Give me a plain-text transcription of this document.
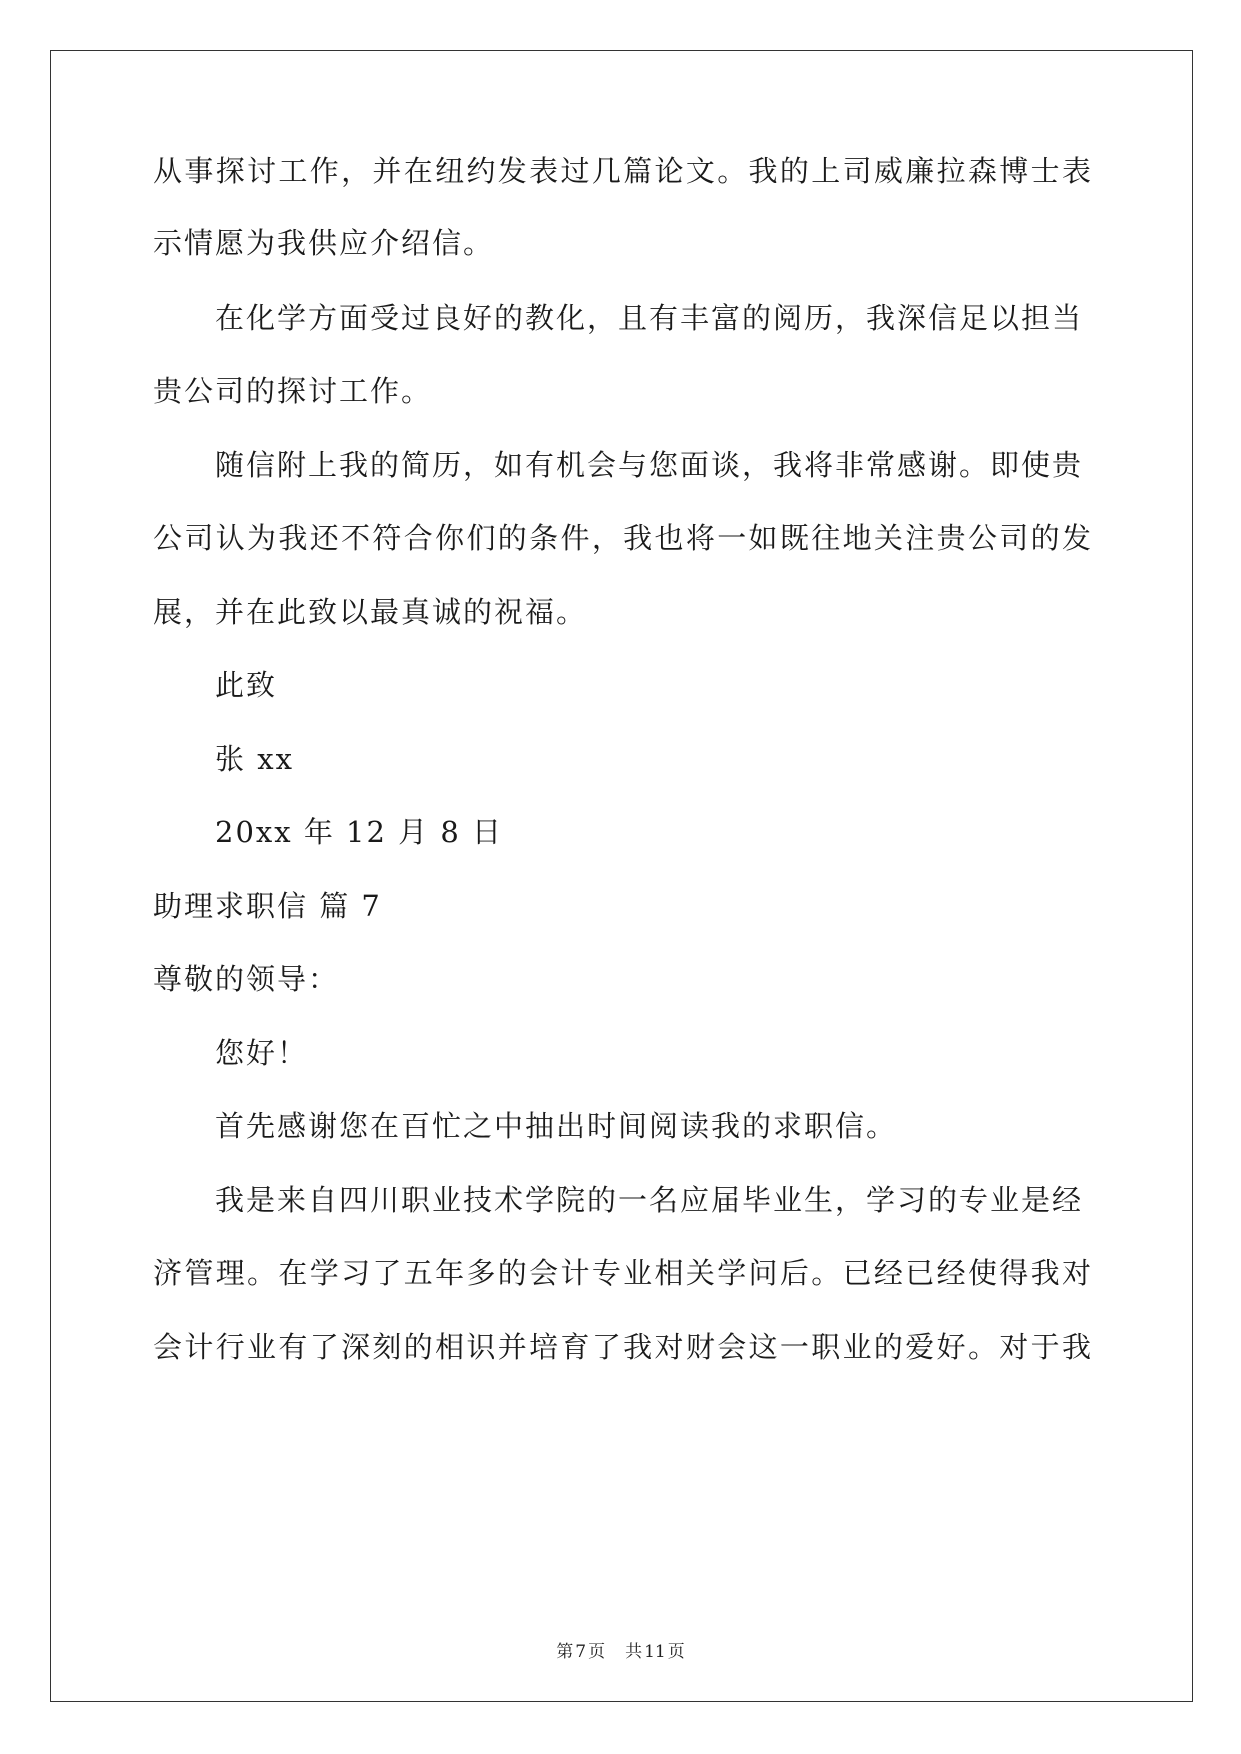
从事探讨工作，并在纽约发表过几篇论文。我的上司威廉拉森博士表
示情愿为我供应介绍信。
在化学方面受过良好的教化，且有丰富的阅历，我深信足以担当
贵公司的探讨工作。
随信附上我的简历，如有机会与您面谈，我将非常感谢。即使贵
公司认为我还不符合你们的条件，我也将一如既往地关注贵公司的发
展，并在此致以最真诚的祝福。
此致
张 xx
20xx 年 12 月 8 日
助理求职信 篇 7
尊敬的领导：
您好！
首先感谢您在百忙之中抽出时间阅读我的求职信。
我是来自四川职业技术学院的一名应届毕业生，学习的专业是经
济管理。在学习了五年多的会计专业相关学问后。已经已经使得我对
会计行业有了深刻的相识并培育了我对财会这一职业的爱好。对于我
第 7 页 共 11 页
